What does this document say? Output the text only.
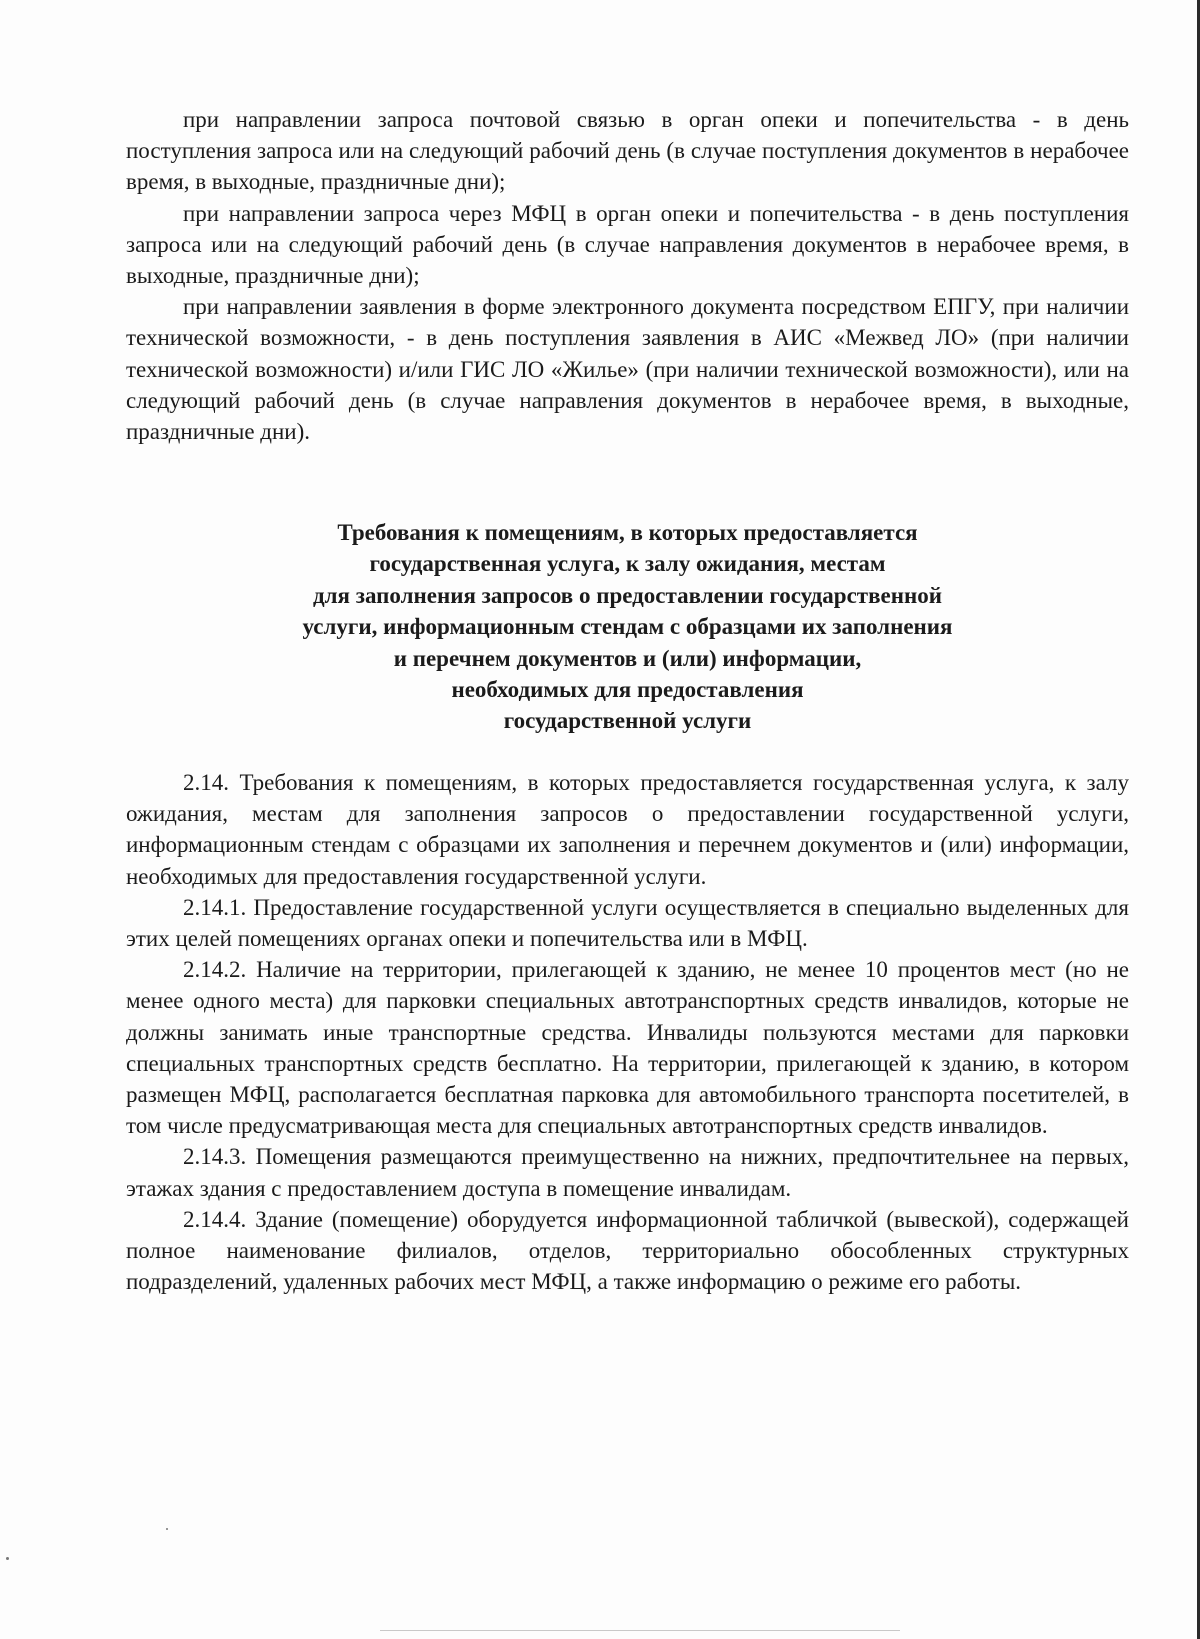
при направлении запроса почтовой связью в орган опеки и попечительства - в день поступления запроса или на следующий рабочий день (в случае поступления документов в нерабочее время, в выходные, праздничные дни);

при направлении запроса через МФЦ в орган опеки и попечительства - в день поступления запроса или на следующий рабочий день (в случае направления документов в нерабочее время, в выходные, праздничные дни);

при направлении заявления в форме электронного документа посредством ЕПГУ, при наличии технической возможности, - в день поступления заявления в АИС «Межвед ЛО» (при наличии технической возможности) и/или ГИС ЛО «Жилье» (при наличии технической возможности), или на следующий рабочий день (в случае направления документов в нерабочее время, в выходные, праздничные дни).

Требования к помещениям, в которых предоставляется
государственная услуга, к залу ожидания, местам
для заполнения запросов о предоставлении государственной
услуги, информационным стендам с образцами их заполнения
и перечнем документов и (или) информации,
необходимых для предоставления
государственной услуги

2.14. Требования к помещениям, в которых предоставляется государственная услуга, к залу ожидания, местам для заполнения запросов о предоставлении государственной услуги, информационным стендам с образцами их заполнения и перечнем документов и (или) информации, необходимых для предоставления государственной услуги.

2.14.1. Предоставление государственной услуги осуществляется в специально выделенных для этих целей помещениях органах опеки и попечительства или в МФЦ.

2.14.2. Наличие на территории, прилегающей к зданию, не менее 10 процентов мест (но не менее одного места) для парковки специальных автотранспортных средств инвалидов, которые не должны занимать иные транспортные средства. Инвалиды пользуются местами для парковки специальных транспортных средств бесплатно. На территории, прилегающей к зданию, в котором размещен МФЦ, располагается бесплатная парковка для автомобильного транспорта посетителей, в том числе предусматривающая места для специальных автотранспортных средств инвалидов.

2.14.3. Помещения размещаются преимущественно на нижних, предпочтительнее на первых, этажах здания с предоставлением доступа в помещение инвалидам.

2.14.4. Здание (помещение) оборудуется информационной табличкой (вывеской), содержащей полное наименование филиалов, отделов, территориально обособленных структурных подразделений, удаленных рабочих мест МФЦ, а также информацию о режиме его работы.
